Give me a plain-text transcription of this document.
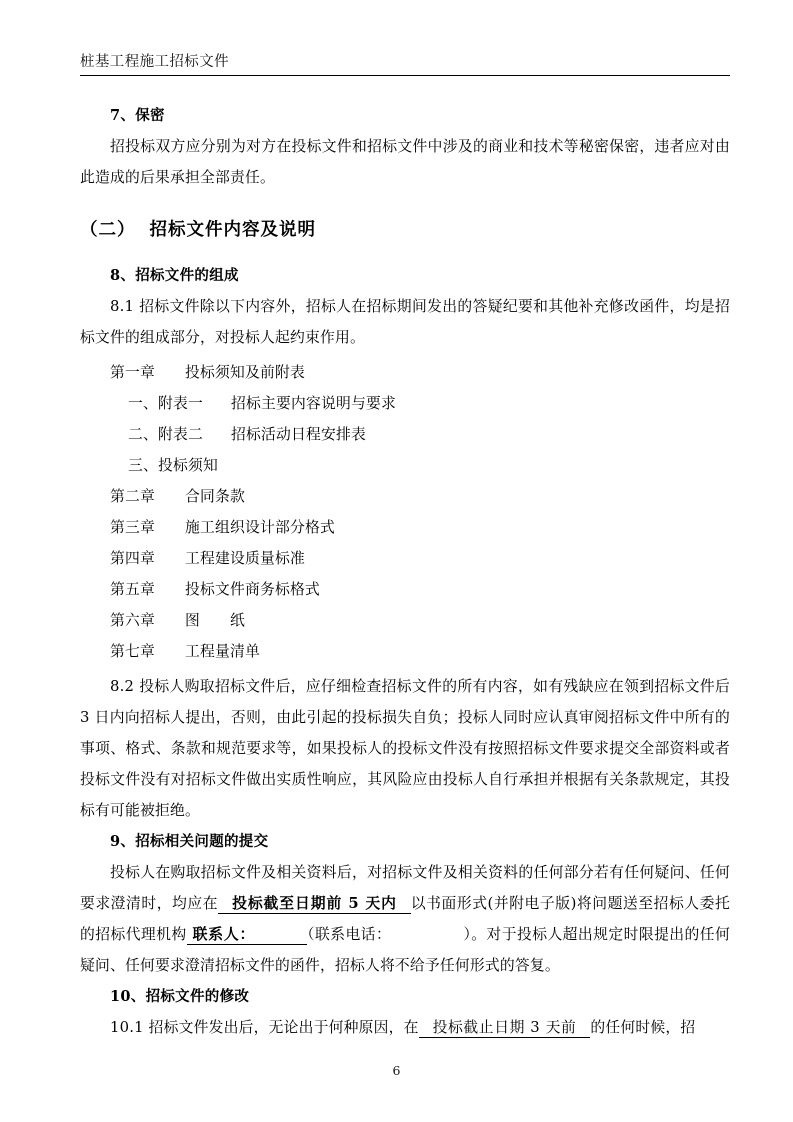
桩基工程施工招标文件
7、保密

招投标双方应分别为对方在投标文件和招标文件中涉及的商业和技术等秘密保密，违者应对由此造成的后果承担全部责任。

（二） 招标文件内容及说明
8、招标文件的组成

8.1 招标文件除以下内容外，招标人在招标期间发出的答疑纪要和其他补充修改函件，均是招标文件的组成部分，对投标人起约束作用。

第一章 投标须知及前附表
一、附表一 招标主要内容说明与要求
二、附表二 招标活动日程安排表
三、投标须知
第二章 合同条款
第三章 施工组织设计部分格式
第四章 工程建设质量标准
第五章 投标文件商务标格式
第六章 图　　纸
第七章 工程量清单

8.2 投标人购取招标文件后，应仔细检查招标文件的所有内容，如有残缺应在领到招标文件后 3 日内向招标人提出，否则，由此引起的投标损失自负；投标人同时应认真审阅招标文件中所有的事项、格式、条款和规范要求等，如果投标人的投标文件没有按照招标文件要求提交全部资料或者投标文件没有对招标文件做出实质性响应，其风险应由投标人自行承担并根据有关条款规定，其投标有可能被拒绝。

9、招标相关问题的提交

投标人在购取招标文件及相关资料后，对招标文件及相关资料的任何部分若有任何疑问、任何要求澄清时，均应在 投标截至日期前 5 天内 以书面形式(并附电子版)将问题送至招标人委托的招标代理机构 联系人：	（联系电话：	）。对于投标人超出规定时限提出的任何疑问、任何要求澄清招标文件的函件，招标人将不给予任何形式的答复。

10、招标文件的修改

10.1 招标文件发出后，无论出于何种原因，在 投标截止日期 3 天前 的任何时候，招

6
